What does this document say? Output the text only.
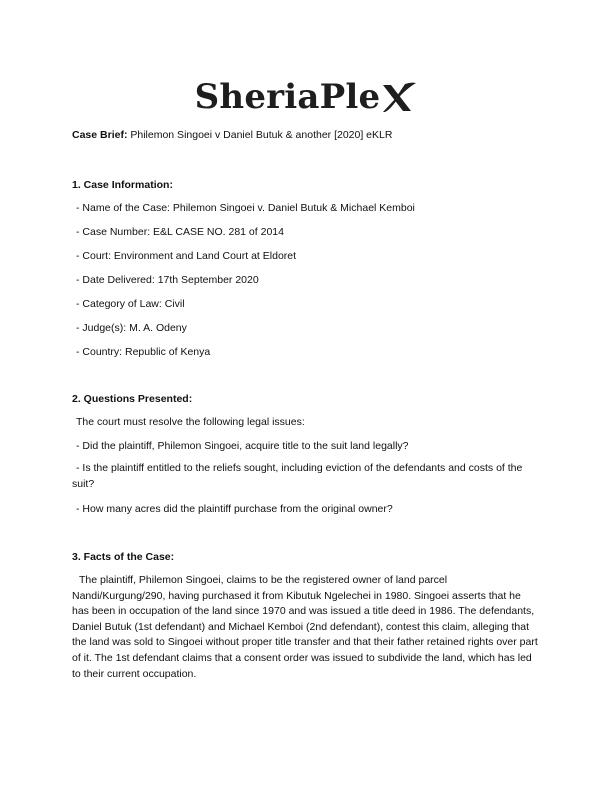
SheriaPle
Case Brief: Philemon Singoei v Daniel Butuk & another [2020] eKLR
1. Case Information:
- Name of the Case: Philemon Singoei v. Daniel Butuk & Michael Kemboi
- Case Number: E&L CASE NO. 281 of 2014
- Court: Environment and Land Court at Eldoret
- Date Delivered: 17th September 2020
- Category of Law: Civil
- Judge(s): M. A. Odeny
- Country: Republic of Kenya
2. Questions Presented:
The court must resolve the following legal issues:
- Did the plaintiff, Philemon Singoei, acquire title to the suit land legally?
- Is the plaintiff entitled to the reliefs sought, including eviction of the defendants and costs of the suit?
- How many acres did the plaintiff purchase from the original owner?
3. Facts of the Case:
The plaintiff, Philemon Singoei, claims to be the registered owner of land parcel Nandi/Kurgung/290, having purchased it from Kibutuk Ngelechei in 1980. Singoei asserts that he has been in occupation of the land since 1970 and was issued a title deed in 1986. The defendants, Daniel Butuk (1st defendant) and Michael Kemboi (2nd defendant), contest this claim, alleging that the land was sold to Singoei without proper title transfer and that their father retained rights over part of it. The 1st defendant claims that a consent order was issued to subdivide the land, which has led to their current occupation.
